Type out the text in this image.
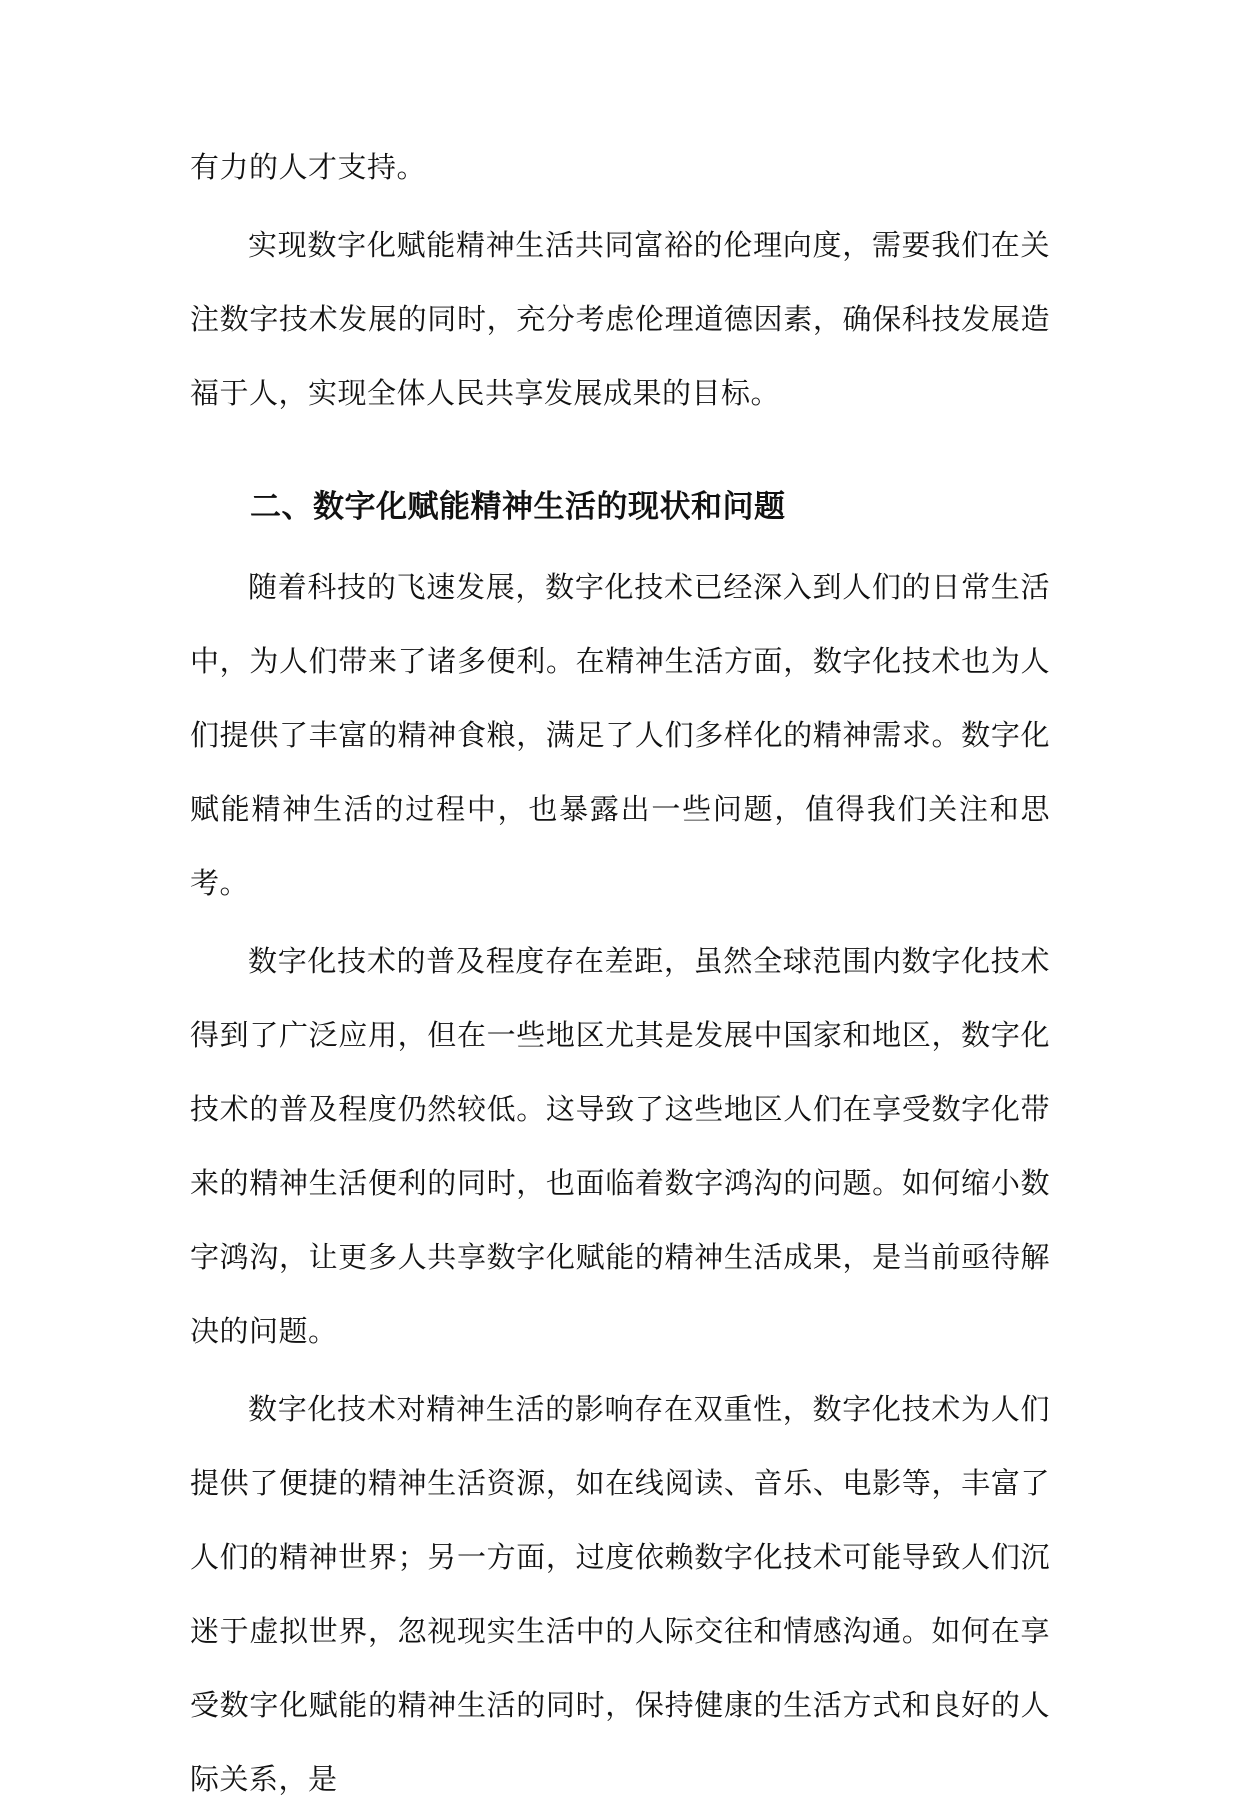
有力的人才支持。

实现数字化赋能精神生活共同富裕的伦理向度，需要我们在关注数字技术发展的同时，充分考虑伦理道德因素，确保科技发展造福于人，实现全体人民共享发展成果的目标。

二、数字化赋能精神生活的现状和问题

随着科技的飞速发展，数字化技术已经深入到人们的日常生活中，为人们带来了诸多便利。在精神生活方面，数字化技术也为人们提供了丰富的精神食粮，满足了人们多样化的精神需求。数字化赋能精神生活的过程中，也暴露出一些问题，值得我们关注和思考。

数字化技术的普及程度存在差距，虽然全球范围内数字化技术得到了广泛应用，但在一些地区尤其是发展中国家和地区，数字化技术的普及程度仍然较低。这导致了这些地区人们在享受数字化带来的精神生活便利的同时，也面临着数字鸿沟的问题。如何缩小数字鸿沟，让更多人共享数字化赋能的精神生活成果，是当前亟待解决的问题。

数字化技术对精神生活的影响存在双重性，数字化技术为人们提供了便捷的精神生活资源，如在线阅读、音乐、电影等，丰富了人们的精神世界；另一方面，过度依赖数字化技术可能导致人们沉迷于虚拟世界，忽视现实生活中的人际交往和情感沟通。如何在享受数字化赋能的精神生活的同时，保持健康的生活方式和良好的人际关系，是
